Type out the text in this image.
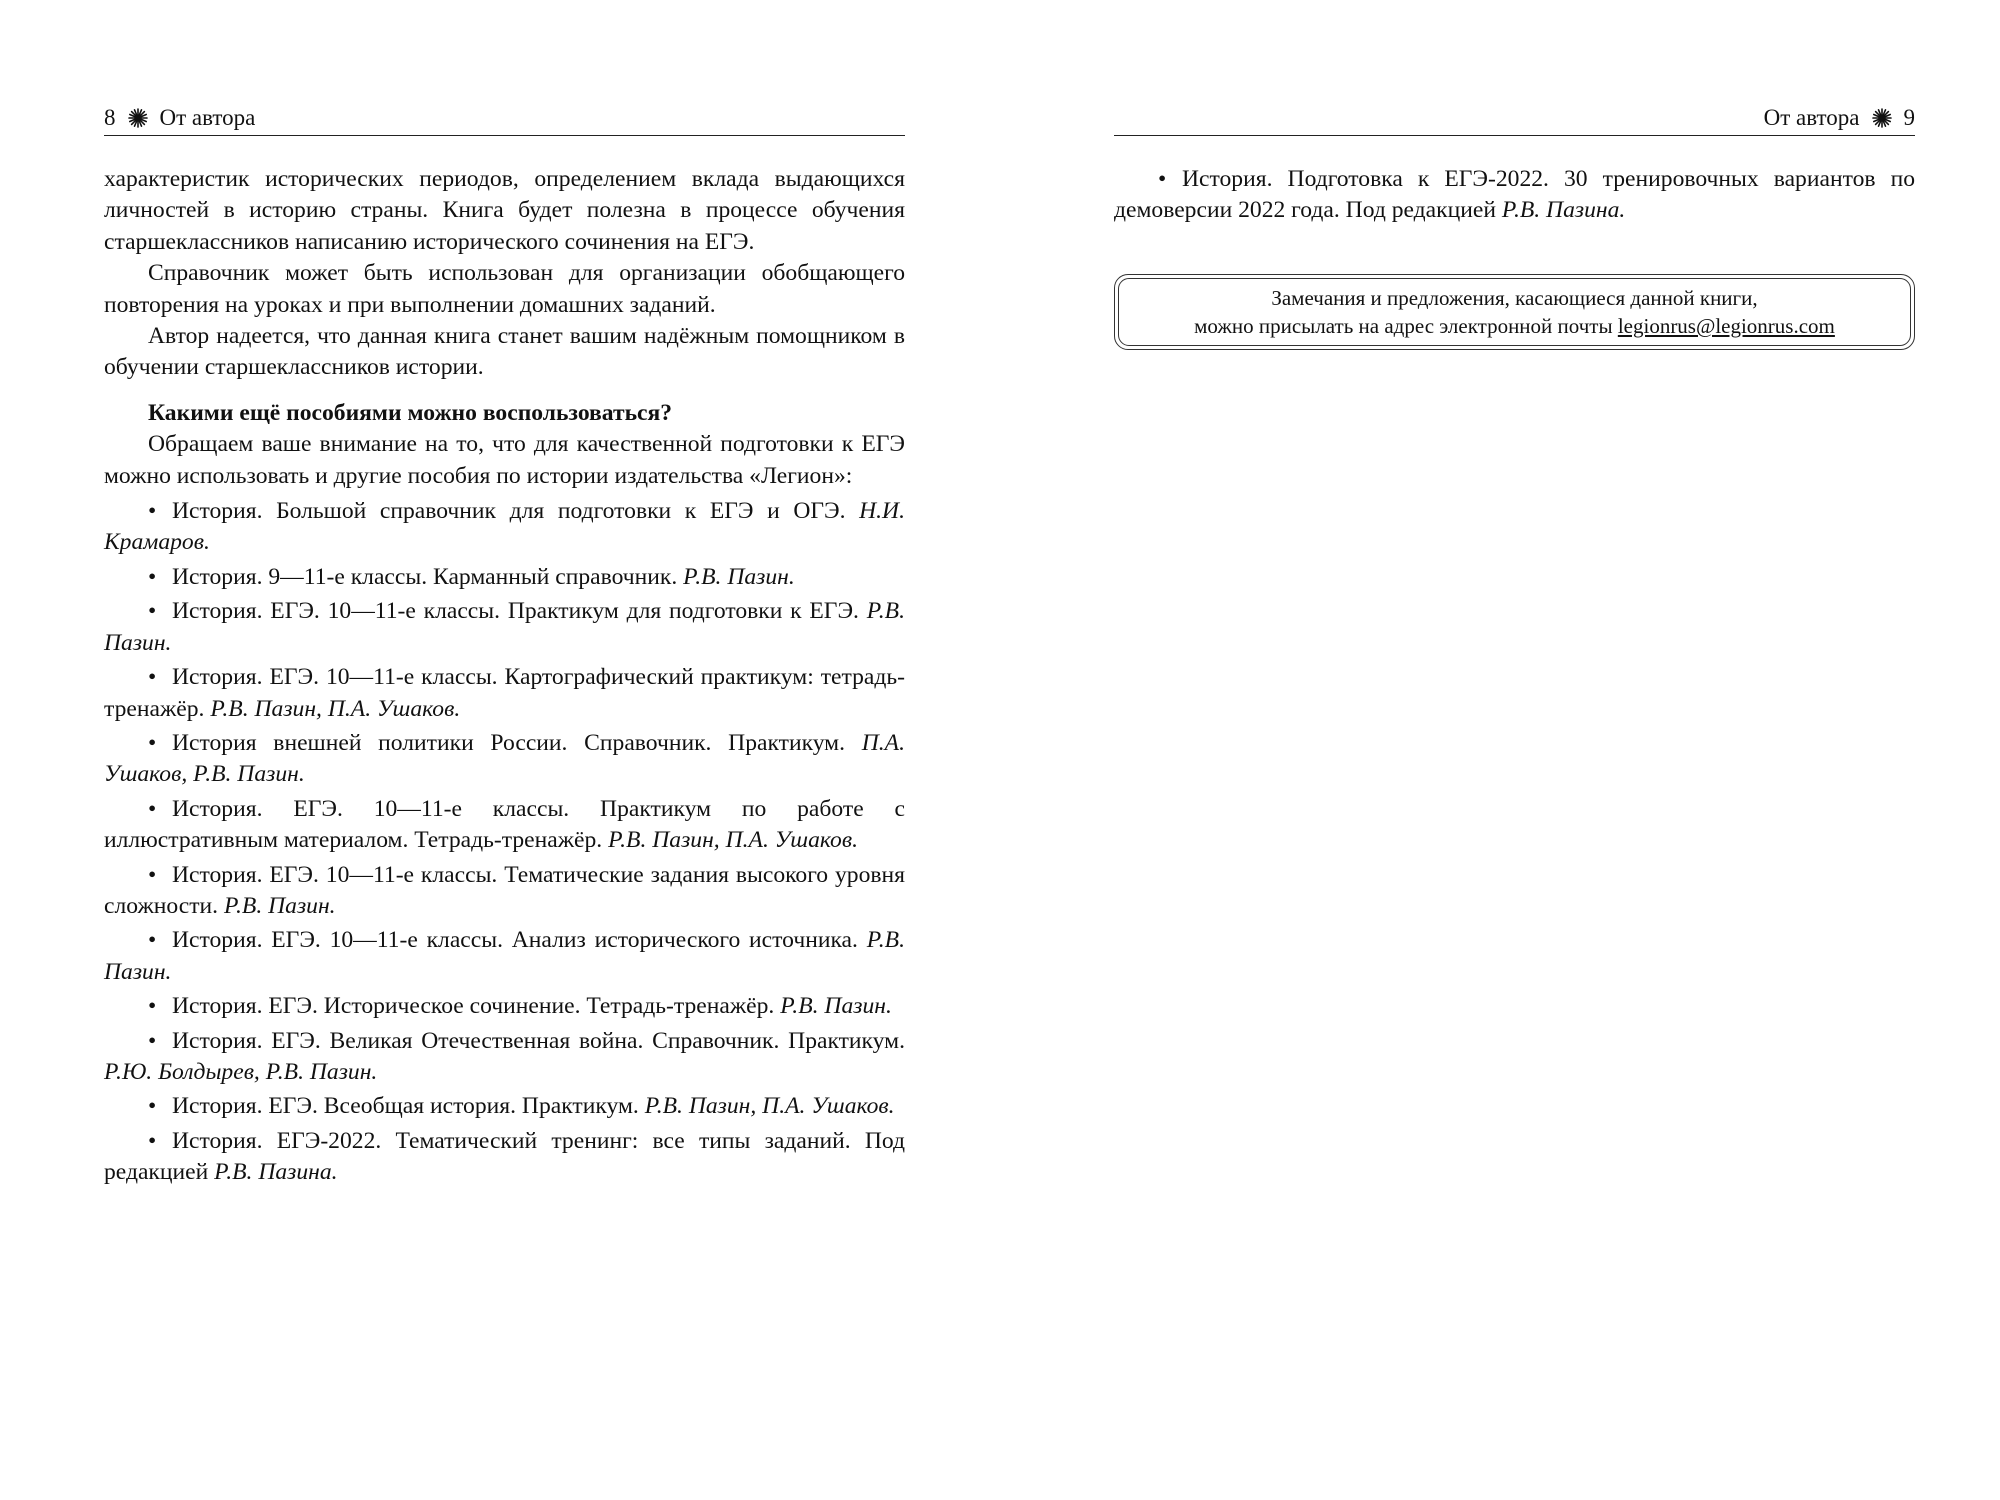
8 От автора

характеристик исторических периодов, определением вклада выдающихся личностей в историю страны. Книга будет полезна в процессе обучения старшеклассников написанию исторического сочинения на ЕГЭ.

Справочник может быть использован для организации обобщающего повторения на уроках и при выполнении домашних заданий.

Автор надеется, что данная книга станет вашим надёжным помощником в обучении старшеклассников истории.

Какими ещё пособиями можно воспользоваться?

Обращаем ваше внимание на то, что для качественной подготовки к ЕГЭ можно использовать и другие пособия по истории издательства «Легион»:

• История. Большой справочник для подготовки к ЕГЭ и ОГЭ. Н.И. Крамаров.

• История. 9—11-е классы. Карманный справочник. Р.В. Пазин.

• История. ЕГЭ. 10—11-е классы. Практикум для подготовки к ЕГЭ. Р.В. Пазин.

• История. ЕГЭ. 10—11-е классы. Картографический практикум: тетрадь-тренажёр. Р.В. Пазин, П.А. Ушаков.

• История внешней политики России. Справочник. Практикум. П.А. Ушаков, Р.В. Пазин.

• История. ЕГЭ. 10—11-е классы. Практикум по работе с иллюстративным материалом. Тетрадь-тренажёр. Р.В. Пазин, П.А. Ушаков.

• История. ЕГЭ. 10—11-е классы. Тематические задания высокого уровня сложности. Р.В. Пазин.

• История. ЕГЭ. 10—11-е классы. Анализ исторического источника. Р.В. Пазин.

• История. ЕГЭ. Историческое сочинение. Тетрадь-тренажёр. Р.В. Пазин.

• История. ЕГЭ. Великая Отечественная война. Справочник. Практикум. Р.Ю. Болдырев, Р.В. Пазин.

• История. ЕГЭ. Всеобщая история. Практикум. Р.В. Пазин, П.А. Ушаков.

• История. ЕГЭ-2022. Тематический тренинг: все типы заданий. Под редакцией Р.В. Пазина.

От автора 9

• История. Подготовка к ЕГЭ-2022. 30 тренировочных вариантов по демоверсии 2022 года. Под редакцией Р.В. Пазина.

Замечания и предложения, касающиеся данной книги,
можно присылать на адрес электронной почты legionrus@legionrus.com
